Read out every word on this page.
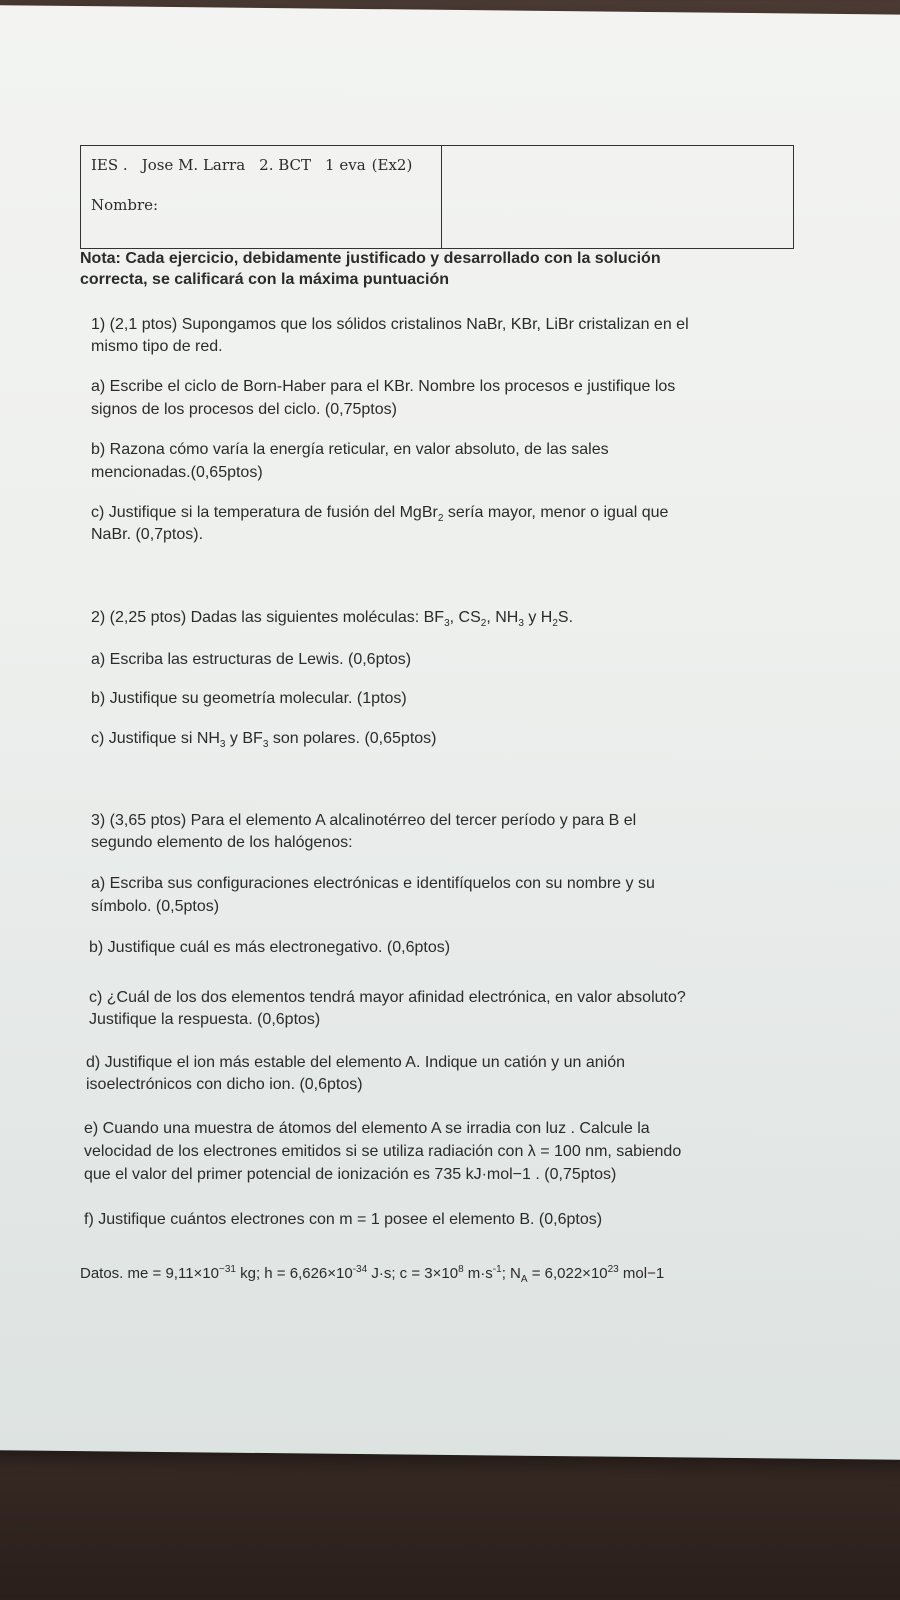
IES . Jose M. Larra 2. BCT 1 eva (Ex2)
Nombre:
Nota: Cada ejercicio, debidamente justificado y desarrollado con la solución
correcta, se calificará con la máxima puntuación
1) (2,1 ptos) Supongamos que los sólidos cristalinos NaBr, KBr, LiBr cristalizan en el
mismo tipo de red.
a) Escribe el ciclo de Born-Haber para el KBr. Nombre los procesos e justifique los
signos de los procesos del ciclo. (0,75ptos)
b) Razona cómo varía la energía reticular, en valor absoluto, de las sales
mencionadas.(0,65ptos)
c) Justifique si la temperatura de fusión del MgBr$_2$ sería mayor, menor o igual que
NaBr. (0,7ptos).
2) (2,25 ptos) Dadas las siguientes moléculas: $BF_3$, $CS_2$, $NH_3$ y $H_2S$.
a) Escriba las estructuras de Lewis. (0,6ptos)
b) Justifique su geometría molecular. (1ptos)
c) Justifique si $NH_3$ y $BF_3$ son polares. (0,65ptos)
3) (3,65 ptos) Para el elemento A alcalinotérreo del tercer período y para B el
segundo elemento de los halógenos:
a) Escriba sus configuraciones electrónicas e identifíquelos con su nombre y su
símbolo. (0,5ptos)
b) Justifique cuál es más electronegativo. (0,6ptos)
c) ¿Cuál de los dos elementos tendrá mayor afinidad electrónica, en valor absoluto?
Justifique la respuesta. (0,6ptos)
d) Justifique el ion más estable del elemento A. Indique un catión y un anión
isoelectrónicos con dicho ion. (0,6ptos)
e) Cuando una muestra de átomos del elemento A se irradia con luz . Calcule la
velocidad de los electrones emitidos si se utiliza radiación con λ = 100 nm, sabiendo
que el valor del primer potencial de ionización es 735 kJ·mol−1 . (0,75ptos)
f) Justifique cuántos electrones con m = 1 posee el elemento B. (0,6ptos)
Datos. me = $9,11\times 10^{-31}$ kg; $h = 6,626\times 10^{-34}$ J·s; $c = 3\times 10^8$ $m\cdot s^{-1}$; $N_A = 6,022\times 10^{23}$ mol−1
